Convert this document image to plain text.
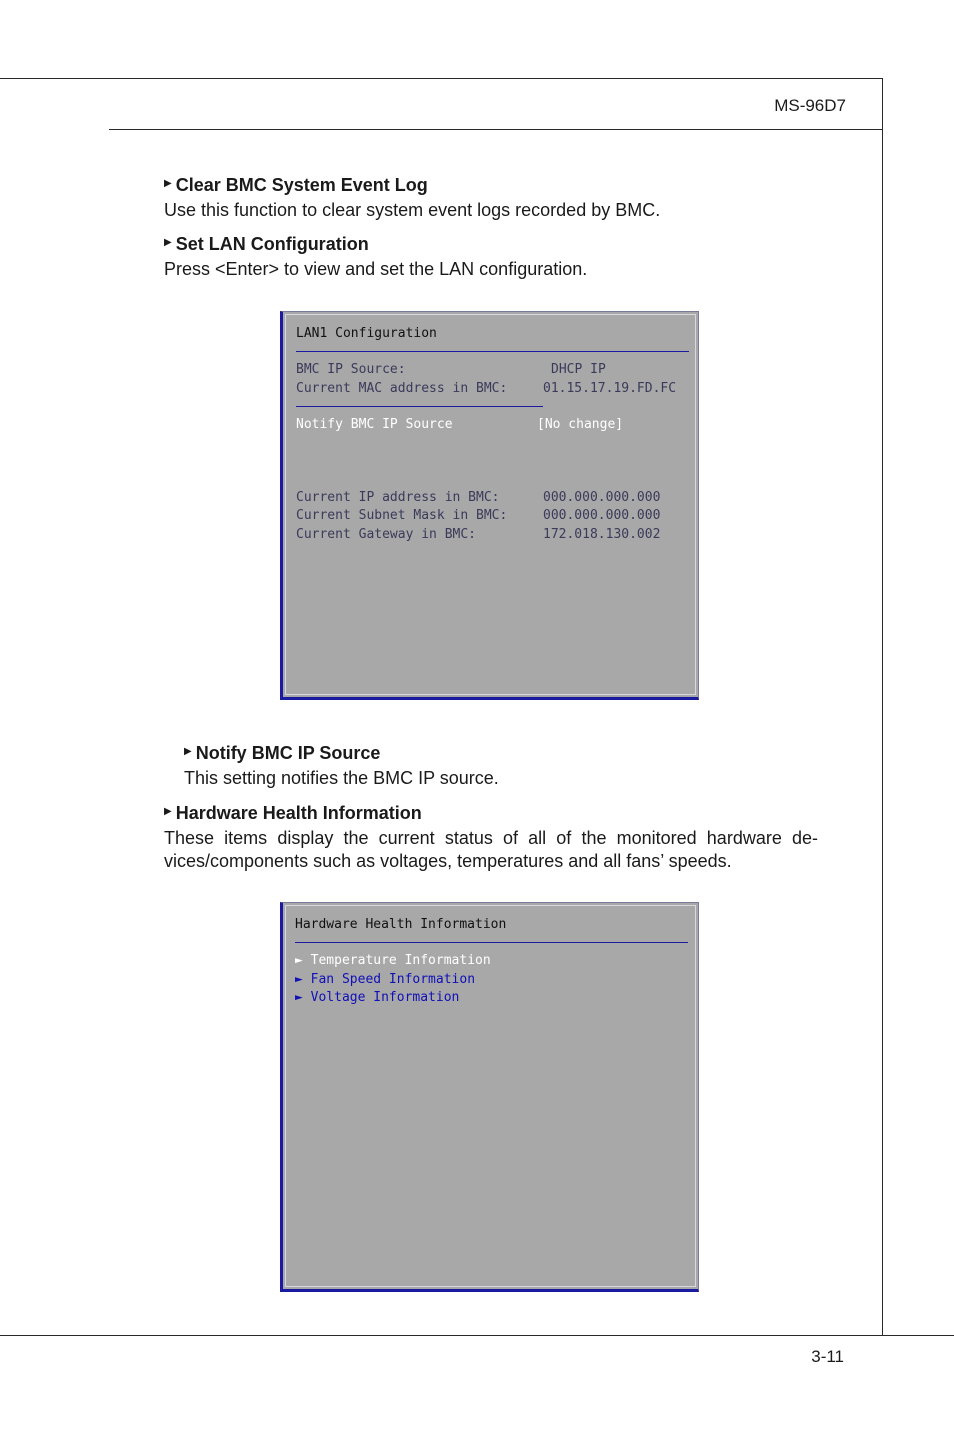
MS-96D7
3-11
▶ Clear BMC System Event Log

Use this function to clear system event logs recorded by BMC.

▶ Set LAN Configuration

Press <Enter> to view and set the LAN configuration.

LAN1 Configuration
BMC IP Source:	DHCP IP
Current MAC address in BMC:	01.15.17.19.FD.FC
Notify BMC IP Source	[No change]
Current IP address in BMC:	000.000.000.000
Current Subnet Mask in BMC:	000.000.000.000
Current Gateway in BMC:	172.018.130.002
▶ Notify BMC IP Source

This setting notifies the BMC IP source.

▶ Hardware Health Information

These items display the current status of all of the monitored hardware de-vices/components such as voltages, temperatures and all fans’ speeds.

Hardware Health Information
► Temperature Information
► Fan Speed Information
► Voltage Information
